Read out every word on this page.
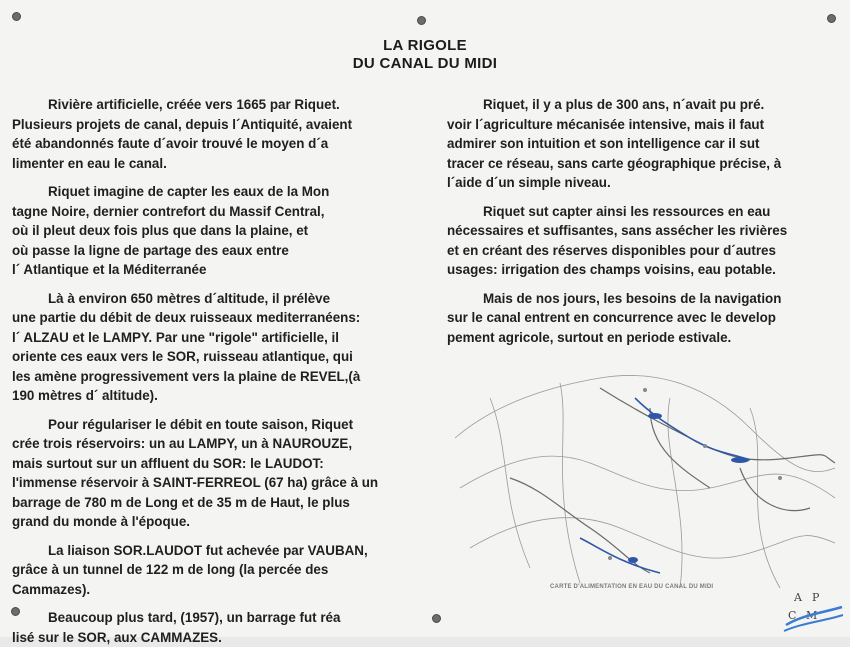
LA RIGOLE
DU CANAL DU MIDI

Rivière artificielle, créée vers 1665 par Riquet.

Plusieurs projets de canal, depuis l´Antiquité, avaient

été abandonnés faute d´avoir trouvé le moyen d´a

limenter en eau le canal.

Riquet imagine de capter les eaux de la Mon

tagne Noire, dernier contrefort du Massif Central,

où il pleut deux fois plus que dans la plaine, et

où passe la ligne de partage des eaux entre

l´ Atlantique et la Méditerranée

Là à environ 650 mètres d´altitude, il prélève

une partie du débit de deux ruisseaux mediterranéens:

l´ ALZAU et le LAMPY. Par une "rigole" artificielle, il

oriente ces eaux vers le SOR, ruisseau atlantique, qui

les amène progressivement vers la plaine de REVEL,(à

190 mètres d´ altitude).

Pour régulariser le débit en toute saison, Riquet

crée trois réservoirs: un au LAMPY, un à NAUROUZE,

mais surtout sur un affluent du SOR: le LAUDOT:

l'immense réservoir à SAINT-FERREOL (67 ha) grâce à un

barrage de 780 m de Long et de 35 m de Haut, le plus

grand du monde à l'époque.

La liaison SOR.LAUDOT fut achevée par VAUBAN,

grâce à un tunnel de 122 m de long (la percée des

Cammazes).

Beaucoup plus tard, (1957), un barrage fut réa

lisé sur le SOR, aux CAMMAZES.

Riquet, il y a plus de 300 ans, n´avait pu pré.

voir l´agriculture mécanisée intensive, mais il faut

admirer son intuition et son intelligence car il sut

tracer ce réseau, sans carte géographique précise, à

l´aide d´un simple niveau.

Riquet sut capter ainsi les ressources en eau

nécessaires et suffisantes, sans assécher les rivières

et en créant des réserves disponibles pour d´autres

usages: irrigation des champs voisins, eau potable.

Mais de nos jours, les besoins de la navigation

sur le canal entrent en concurrence avec le develop

pement agricole, surtout en periode estivale.

CARTE D'ALIMENTATION EN EAU DU CANAL DU MIDI
A P
C M
